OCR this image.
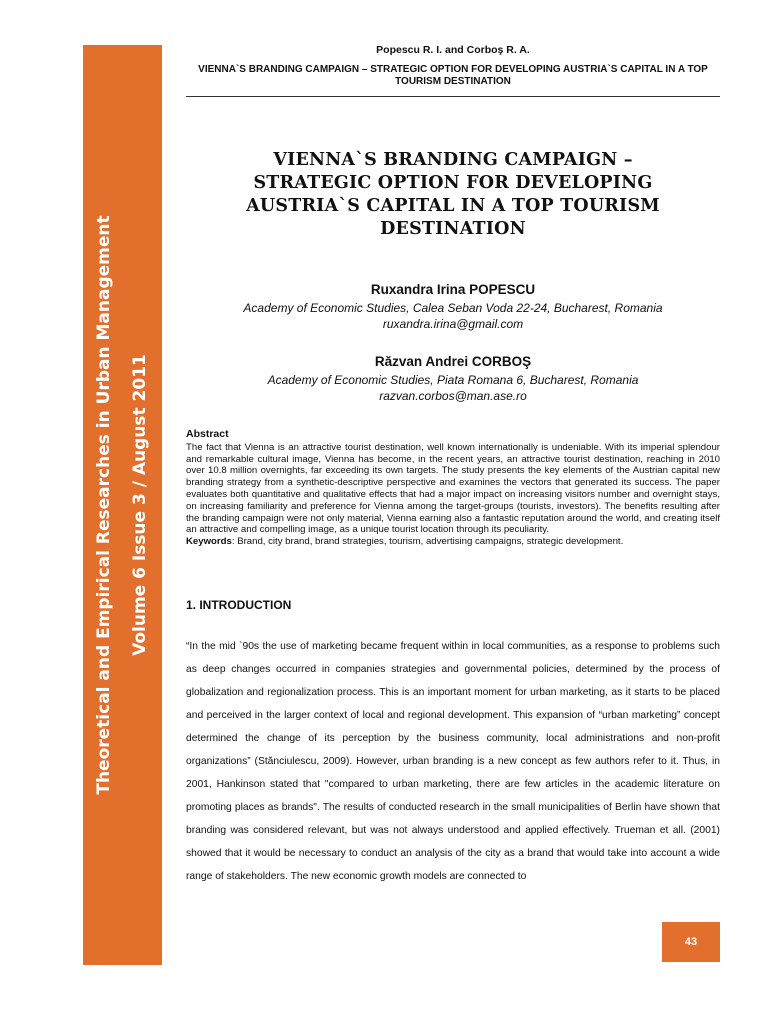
Theoretical and Empirical Researches in Urban Management Volume 6 Issue 3 / August 2011
Popescu R. I. and Corboş R. A.
VIENNA`S BRANDING CAMPAIGN – STRATEGIC OPTION FOR DEVELOPING AUSTRIA`S CAPITAL IN A TOP TOURISM DESTINATION
VIENNA`S BRANDING CAMPAIGN –
STRATEGIC OPTION FOR DEVELOPING
AUSTRIA`S CAPITAL IN A TOP TOURISM
DESTINATION
Ruxandra Irina POPESCU
Academy of Economic Studies, Calea Seban Voda 22-24, Bucharest, Romania
ruxandra.irina@gmail.com
Răzvan Andrei CORBOŞ
Academy of Economic Studies, Piata Romana 6, Bucharest, Romania
razvan.corbos@man.ase.ro
Abstract
The fact that Vienna is an attractive tourist destination, well known internationally is undeniable. With its imperial splendour and remarkable cultural image, Vienna has become, in the recent years, an attractive tourist destination, reaching in 2010 over 10.8 million overnights, far exceeding its own targets. The study presents the key elements of the Austrian capital new branding strategy from a synthetic-descriptive perspective and examines the vectors that generated its success. The paper evaluates both quantitative and qualitative effects that had a major impact on increasing visitors number and overnight stays, on increasing familiarity and preference for Vienna among the target-groups (tourists, investors). The benefits resulting after the branding campaign were not only material, Vienna earning also a fantastic reputation around the world, and creating itself an attractive and compelling image, as a unique tourist location through its peculiarity.
Keywords: Brand, city brand, brand strategies, tourism, advertising campaigns, strategic development.
1. INTRODUCTION
“In the mid `90s the use of marketing became frequent within in local communities, as a response to problems such as deep changes occurred in companies strategies and governmental policies, determined by the process of globalization and regionalization process. This is an important moment for urban marketing, as it starts to be placed and perceived in the larger context of local and regional development. This expansion of “urban marketing” concept determined the change of its perception by the business community, local administrations and non-profit organizations” (Stănciulescu, 2009). However, urban branding is a new concept as few authors refer to it. Thus, in 2001, Hankinson stated that "compared to urban marketing, there are few articles in the academic literature on promoting places as brands". The results of conducted research in the small municipalities of Berlin have shown that branding was considered relevant, but was not always understood and applied effectively. Trueman et all. (2001) showed that it would be necessary to conduct an analysis of the city as a brand that would take into account a wide range of stakeholders. The new economic growth models are connected to
43
